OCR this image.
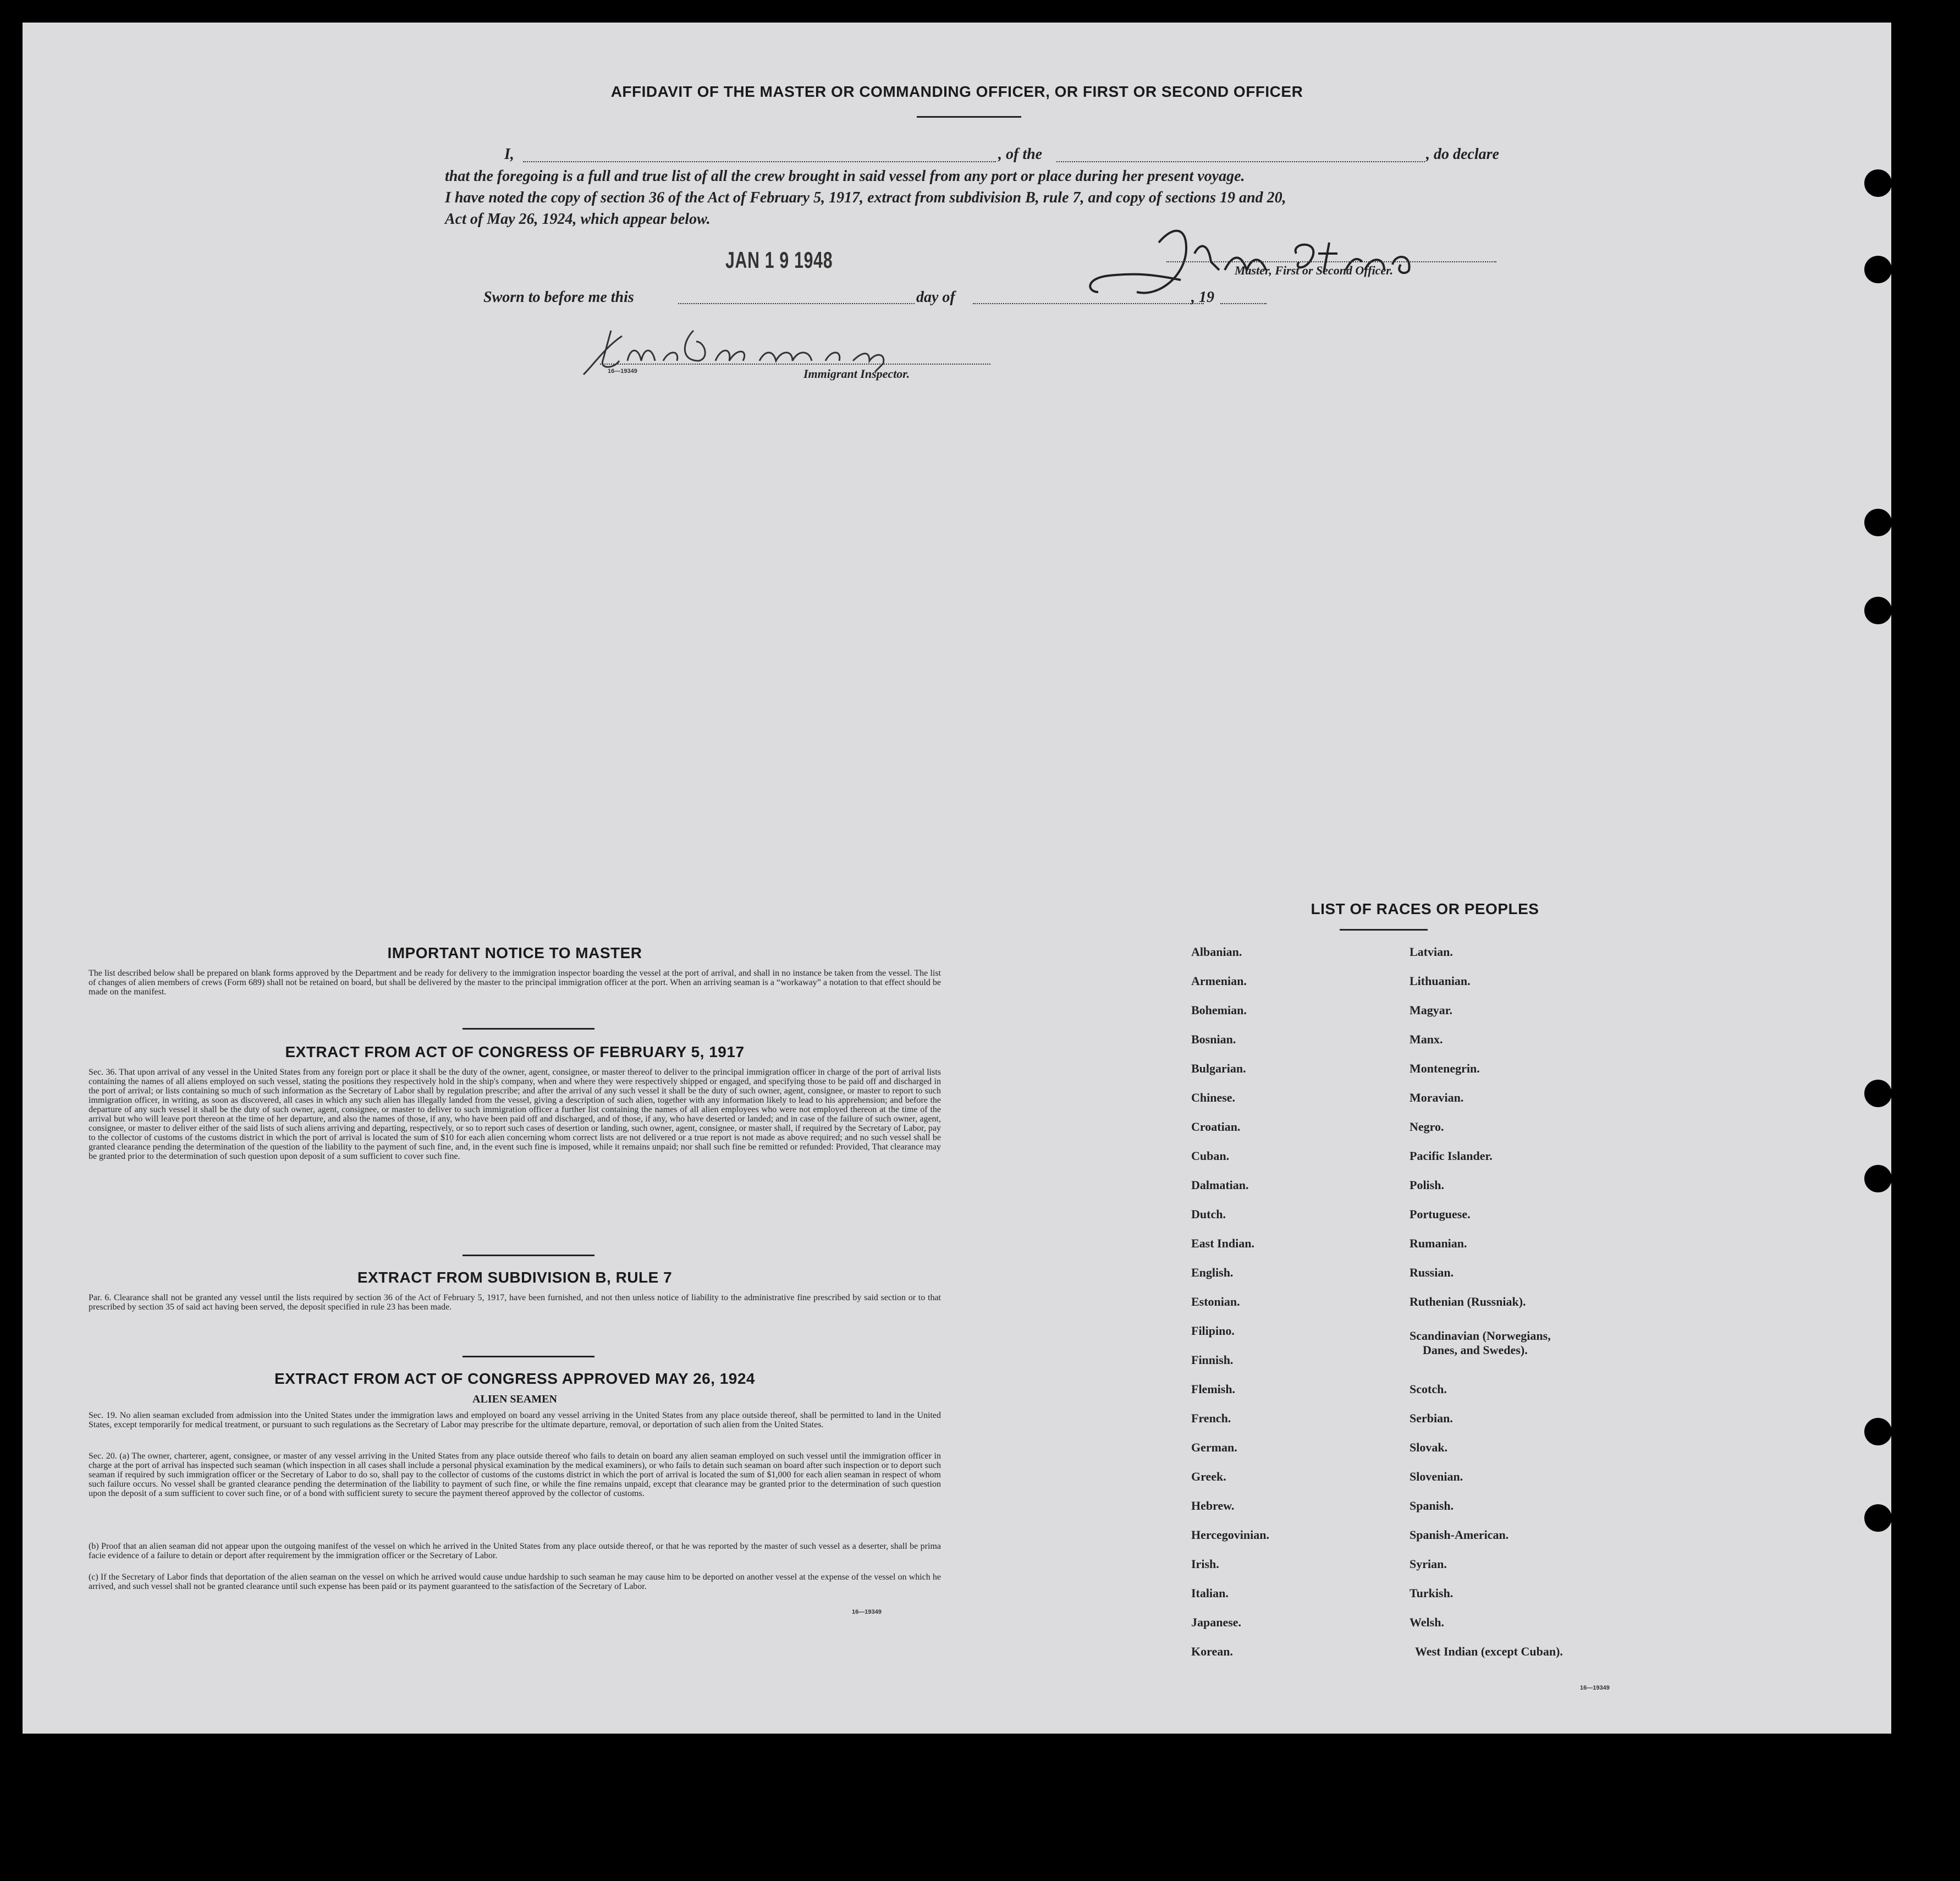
AFFIDAVIT OF THE MASTER OR COMMANDING OFFICER, OR FIRST OR SECOND OFFICER
I,	, of the	, do declare
that the foregoing is a full and true list of all the crew brought in said vessel from any port or place during her present voyage.
I have noted the copy of section 36 of the Act of February 5, 1917, extract from subdivision B, rule 7, and copy of sections 19 and 20,
Act of May 26, 1924, which appear below.
JAN 1 9 1948	Master, First or Second Officer.
Sworn to before me this	day of	, 19
16—19349	Immigrant Inspector.
IMPORTANT NOTICE TO MASTER
The list described below shall be prepared on blank forms approved by the Department and be ready for delivery to the immigration inspector boarding the vessel at the port of arrival, and shall in no instance be taken from the vessel. The list of changes of alien members of crews (Form 689) shall not be retained on board, but shall be delivered by the master to the principal immigration officer at the port. When an arriving seaman is a “workaway” a notation to that effect should be made on the manifest.
EXTRACT FROM ACT OF CONGRESS OF FEBRUARY 5, 1917
Sec. 36. That upon arrival of any vessel in the United States from any foreign port or place it shall be the duty of the owner, agent, consignee, or master thereof to deliver to the principal immigration officer in charge of the port of arrival lists containing the names of all aliens employed on such vessel, stating the positions they respectively hold in the ship's company, when and where they were respectively shipped or engaged, and specifying those to be paid off and discharged in the port of arrival; or lists containing so much of such information as the Secretary of Labor shall by regulation prescribe; and after the arrival of any such vessel it shall be the duty of such owner, agent, consignee, or master to report to such immigration officer, in writing, as soon as discovered, all cases in which any such alien has illegally landed from the vessel, giving a description of such alien, together with any information likely to lead to his apprehension; and before the departure of any such vessel it shall be the duty of such owner, agent, consignee, or master to deliver to such immigration officer a further list containing the names of all alien employees who were not employed thereon at the time of the arrival but who will leave port thereon at the time of her departure, and also the names of those, if any, who have been paid off and discharged, and of those, if any, who have deserted or landed; and in case of the failure of such owner, agent, consignee, or master to deliver either of the said lists of such aliens arriving and departing, respectively, or so to report such cases of desertion or landing, such owner, agent, consignee, or master shall, if required by the Secretary of Labor, pay to the collector of customs of the customs district in which the port of arrival is located the sum of $10 for each alien concerning whom correct lists are not delivered or a true report is not made as above required; and no such vessel shall be granted clearance pending the determination of the question of the liability to the payment of such fine, and, in the event such fine is imposed, while it remains unpaid; nor shall such fine be remitted or refunded: Provided, That clearance may be granted prior to the determination of such question upon deposit of a sum sufficient to cover such fine.
EXTRACT FROM SUBDIVISION B, RULE 7
Par. 6. Clearance shall not be granted any vessel until the lists required by section 36 of the Act of February 5, 1917, have been furnished, and not then unless notice of liability to the administrative fine prescribed by said section or to that prescribed by section 35 of said act having been served, the deposit specified in rule 23 has been made.
EXTRACT FROM ACT OF CONGRESS APPROVED MAY 26, 1924
ALIEN SEAMEN
Sec. 19. No alien seaman excluded from admission into the United States under the immigration laws and employed on board any vessel arriving in the United States from any place outside thereof, shall be permitted to land in the United States, except temporarily for medical treatment, or pursuant to such regulations as the Secretary of Labor may prescribe for the ultimate departure, removal, or deportation of such alien from the United States.
Sec. 20. (a) The owner, charterer, agent, consignee, or master of any vessel arriving in the United States from any place outside thereof who fails to detain on board any alien seaman employed on such vessel until the immigration officer in charge at the port of arrival has inspected such seaman (which inspection in all cases shall include a personal physical examination by the medical examiners), or who fails to detain such seaman on board after such inspection or to deport such seaman if required by such immigration officer or the Secretary of Labor to do so, shall pay to the collector of customs of the customs district in which the port of arrival is located the sum of $1,000 for each alien seaman in respect of whom such failure occurs. No vessel shall be granted clearance pending the determination of the liability to payment of such fine, or while the fine remains unpaid, except that clearance may be granted prior to the determination of such question upon the deposit of a sum sufficient to cover such fine, or of a bond with sufficient surety to secure the payment thereof approved by the collector of customs.
(b) Proof that an alien seaman did not appear upon the outgoing manifest of the vessel on which he arrived in the United States from any place outside thereof, or that he was reported by the master of such vessel as a deserter, shall be prima facie evidence of a failure to detain or deport after requirement by the immigration officer or the Secretary of Labor.
(c) If the Secretary of Labor finds that deportation of the alien seaman on the vessel on which he arrived would cause undue hardship to such seaman he may cause him to be deported on another vessel at the expense of the vessel on which he arrived, and such vessel shall not be granted clearance until such expense has been paid or its payment guaranteed to the satisfaction of the Secretary of Labor.
16—19349
LIST OF RACES OR PEOPLES
Albanian.
Armenian.
Bohemian.
Bosnian.
Bulgarian.
Chinese.
Croatian.
Cuban.
Dalmatian.
Dutch.
East Indian.
English.
Estonian.
Filipino.
Finnish.
Flemish.
French.
German.
Greek.
Hebrew.
Hercegovinian.
Irish.
Italian.
Japanese.
Korean.
Latvian.
Lithuanian.
Magyar.
Manx.
Montenegrin.
Moravian.
Negro.
Pacific Islander.
Polish.
Portuguese.
Rumanian.
Russian.
Ruthenian (Russniak).
Scandinavian (Norwegians,
Danes, and Swedes).
Scotch.
Serbian.
Slovak.
Slovenian.
Spanish.
Spanish-American.
Syrian.
Turkish.
Welsh.
West Indian (except Cuban).
16—19349
